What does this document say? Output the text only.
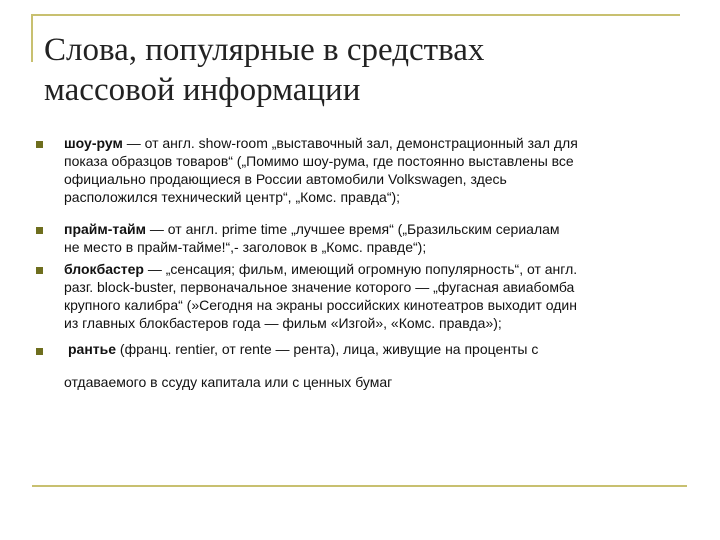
Слова, популярные в средствах
массовой информации
шоу-рум — от англ. show-room „выставочный зал, демонстрационный зал для
показа образцов товаров“ („Помимо шоу-рума, где постоянно выставлены все
официально продающиеся в России автомобили Volkswagen, здесь
расположился технический центр“, „Комс. правда“);
прайм-тайм — от англ. prime time „лучшее время“ („Бразильским сериалам
не место в прайм-тайме!“,- заголовок в „Комс. правде“);
блокбастер — „сенсация; фильм, имеющий огромную популярность“, от англ.
разг. block-buster, первоначальное значение которого — „фугасная авиабомба
крупного калибра“ (»Сегодня на экраны российских кинотеатров выходит один
из главных блокбастеров года — фильм «Изгой», «Комс. правда»);
рантье (франц. rentier, от rente — рента), лица, живущие на проценты с
отдаваемого в ссуду капитала или с ценных бумаг
